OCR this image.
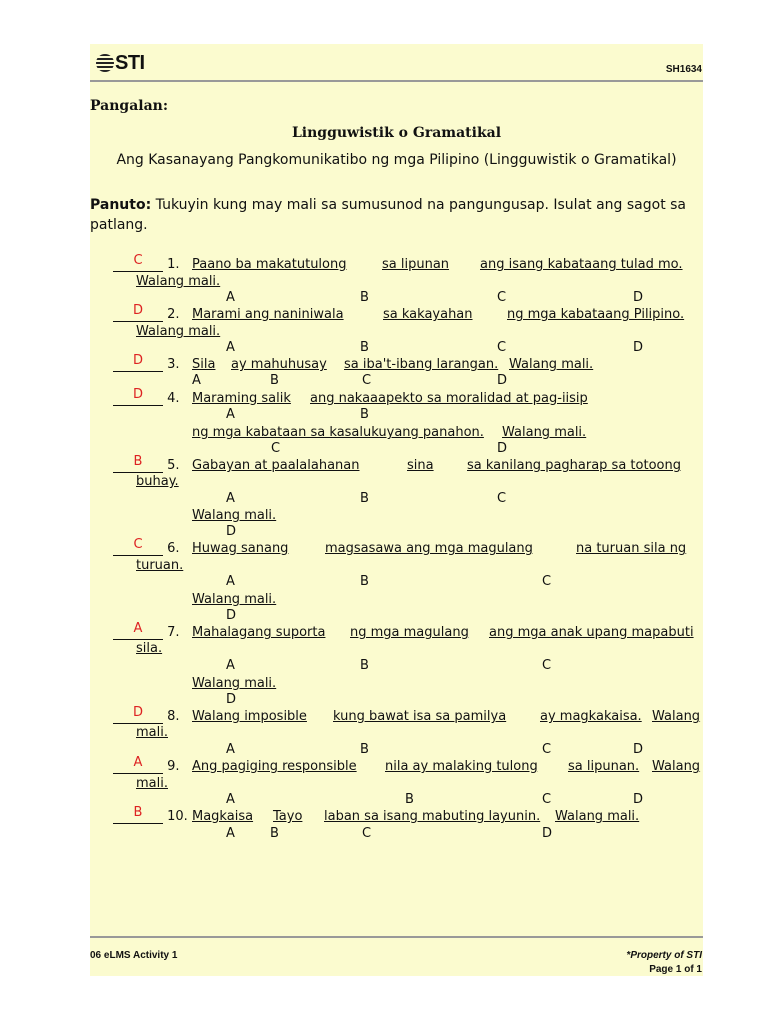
STI	SH1634
Pangalan:
Lingguwistik o Gramatikal
Ang Kasanayang Pangkomunikatibo ng mga Pilipino (Lingguwistik o Gramatikal)
Panuto: Tukuyin kung may mali sa sumusunod na pangungusap. Isulat ang sagot sa patlang.
C	1. Paano ba makatutulong	sa lipunan ang isang kabataang tulad mo.
Walang mali.
A	B	C	D
D	2. Marami ang naniniwala	sa kakayahan	ng mga kabataang Pilipino.
Walang mali.
A	B	C	D
D	3. Sila ay mahuhusay sa iba't-ibang larangan. Walang mali.
A	B	C	D
D	4. Maraming salik ang nakaaapekto sa moralidad at pag-iisip
A	B
ng mga kabataan sa kasalukuyang panahon. Walang mali.
C	D
B	5. Gabayan at paalalahanan	sina	sa kanilang pagharap sa totoong
buhay.
A	B	C
Walang mali.
D
C	6. Huwag sanang	magsasawa ang mga magulang	na turuan sila ng
turuan.
A	B	C
Walang mali.
D
A	7. Mahalagang suporta ng mga magulang ang mga anak upang mapabuti
sila.
A	B	C
Walang mali.
D
D	8. Walang imposible kung bawat isa sa pamilya	ay magkakaisa. Walang
mali.
A	B	C	D
A	9. Ang pagiging responsible nila ay malaking tulong sa lipunan. Walang
mali.
A	B	C	D
B	10. Magkaisa Tayo laban sa isang mabuting layunin. Walang mali.
A	B	C	D
06 eLMS Activity 1	*Property of STI
Page 1 of 1
